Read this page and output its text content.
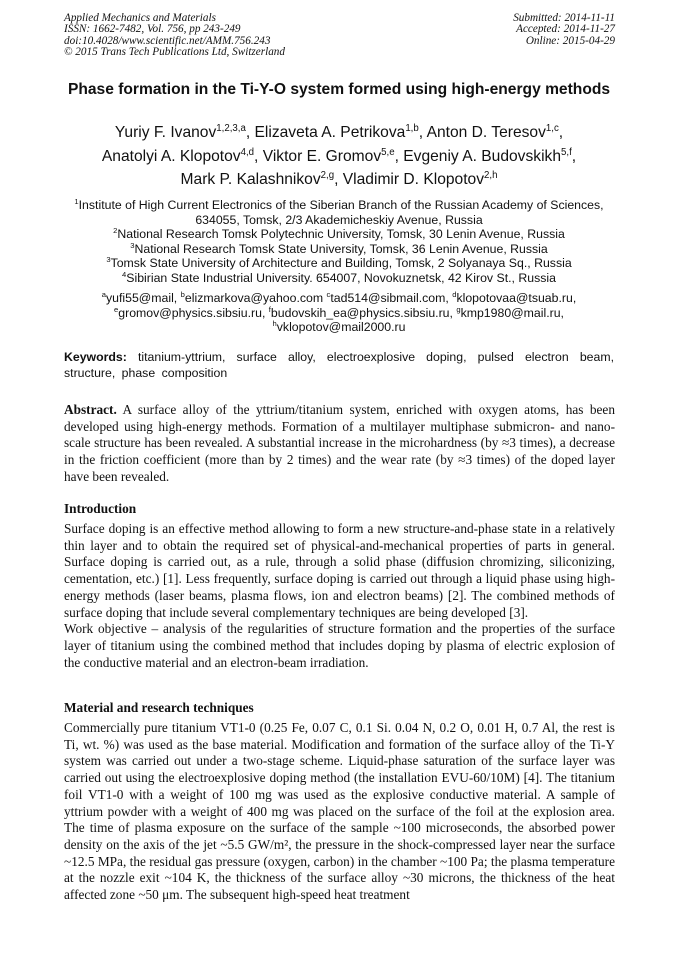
Applied Mechanics and Materials
ISSN: 1662-7482, Vol. 756, pp 243-249
doi:10.4028/www.scientific.net/AMM.756.243
© 2015 Trans Tech Publications Ltd, Switzerland
Submitted: 2014-11-11
Accepted: 2014-11-27
Online: 2015-04-29
Phase formation in the Ti-Y-O system formed using high-energy methods
Yuriy F. Ivanov$^{1,2,3,a}$, Elizaveta A. Petrikova$^{1,b}$, Anton D. Teresov$^{1,c}$,
Anatolyi A. Klopotov$^{4,d}$, Viktor E. Gromov$^{5,e}$, Evgeniy A. Budovskikh$^{5,f}$,
Mark P. Kalashnikov$^{2,g}$, Vladimir D. Klopotov$^{2,h}$
$^1$Institute of High Current Electronics of the Siberian Branch of the Russian Academy of Sciences,
634055, Tomsk, 2/3 Akademicheskiy Avenue, Russia
$^2$National Research Tomsk Polytechnic University, Tomsk, 30 Lenin Avenue, Russia
$^3$National Research Tomsk State University, Tomsk, 36 Lenin Avenue, Russia
$^3$Tomsk State University of Architecture and Building, Tomsk, 2 Solyanaya Sq., Russia
$^4$Sibirian State Industrial University. 654007, Novokuznetsk, 42 Kirov St., Russia
$^a$yufi55@mail, $^b$elizmarkova@yahoo.com $^c$tad514@sibmail.com, $^d$klopotovaa@tsuab.ru,
$^e$gromov@physics.sibsiu.ru, $^f$budovskih_ea@physics.sibsiu.ru, $^g$kmp1980@mail.ru,
$^h$vklopotov@mail2000.ru
Keywords: titanium-yttrium, surface alloy, electroexplosive doping, pulsed electron beam, structure, phase composition

Abstract. A surface alloy of the yttrium/titanium system, enriched with oxygen atoms, has been developed using high-energy methods. Formation of a multilayer multiphase submicron- and nano-scale structure has been revealed. A substantial increase in the microhardness (by ≈3 times), a decrease in the friction coefficient (more than by 2 times) and the wear rate (by ≈3 times) of the doped layer have been revealed.

Introduction

Surface doping is an effective method allowing to form a new structure-and-phase state in a relatively thin layer and to obtain the required set of physical-and-mechanical properties of parts in general. Surface doping is carried out, as a rule, through a solid phase (diffusion chromizing, siliconizing, cementation, etc.) [1]. Less frequently, surface doping is carried out through a liquid phase using high-energy methods (laser beams, plasma flows, ion and electron beams) [2]. The combined methods of surface doping that include several complementary techniques are being developed [3].

Work objective – analysis of the regularities of structure formation and the properties of the surface layer of titanium using the combined method that includes doping by plasma of electric explosion of the conductive material and an electron-beam irradiation.

Material and research techniques

Commercially pure titanium VT1-0 (0.25 Fe, 0.07 C, 0.1 Si. 0.04 N, 0.2 O, 0.01 H, 0.7 Al, the rest is Ti, wt. %) was used as the base material. Modification and formation of the surface alloy of the Ti-Y system was carried out under a two-stage scheme. Liquid-phase saturation of the surface layer was carried out using the electroexplosive doping method (the installation EVU-60/10M) [4]. The titanium foil VT1-0 with a weight of 100 mg was used as the explosive conductive material. A sample of yttrium powder with a weight of 400 mg was placed on the surface of the foil at the explosion area. The time of plasma exposure on the surface of the sample ~100 microseconds, the absorbed power density on the axis of the jet ~5.5 GW/m², the pressure in the shock-compressed layer near the surface ~12.5 MPa, the residual gas pressure (oxygen, carbon) in the chamber ~100 Pa; the plasma temperature at the nozzle exit ~104 K, the thickness of the surface alloy ~30 microns, the thickness of the heat affected zone ~50 μm. The subsequent high-speed heat treatment
